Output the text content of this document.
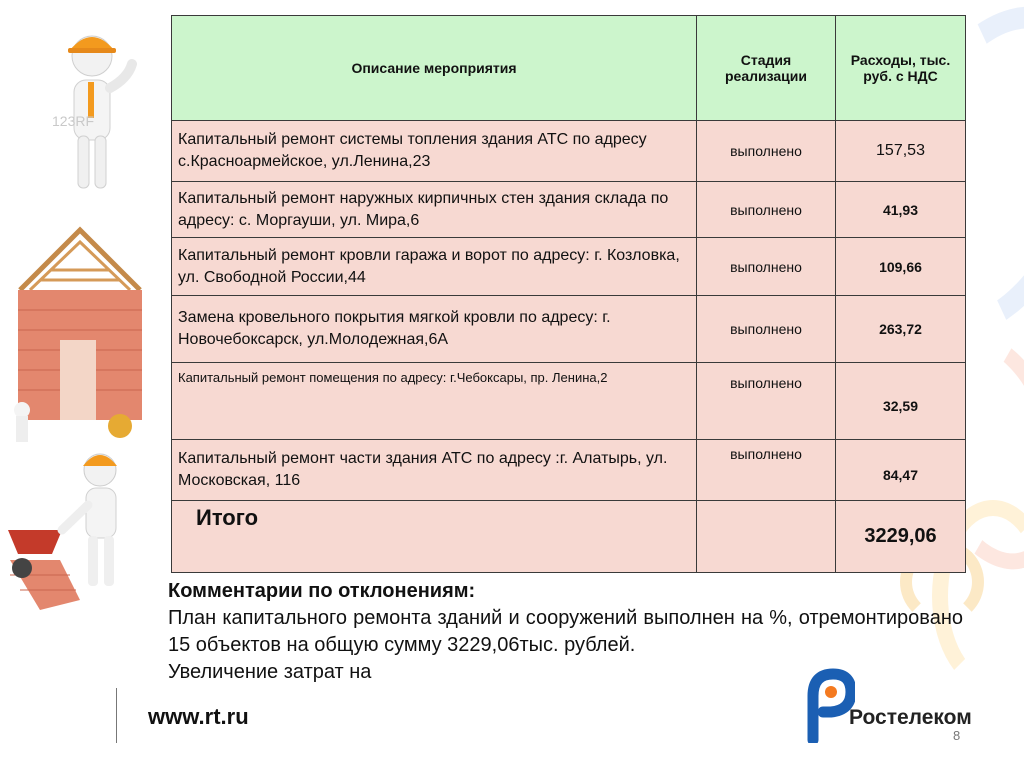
123RF
Описание мероприятия	Стадия реализации	Расходы, тыс. руб. с НДС
Капитальный ремонт системы топления здания АТС по адресу с.Красноармейское, ул.Ленина,23	выполнено	157,53
Капитальный ремонт наружных кирпичных стен здания склада по адресу: с. Моргауши, ул. Мира,6	выполнено	41,93
Капитальный ремонт кровли гаража и ворот по адресу: г. Козловка, ул. Свободной России,44	выполнено	109,66
Замена кровельного покрытия мягкой кровли по адресу: г. Новочебоксарск, ул.Молодежная,6А	выполнено	263,72
Капитальный ремонт помещения по адресу: г.Чебоксары, пр. Ленина,2	выполнено	32,59
Капитальный ремонт части здания АТС по адресу :г. Алатырь, ул. Московская, 116	выполнено	84,47
Итого		3229,06
Комментарии по отклонениям:
План капитального ремонта зданий и сооружений выполнен на %, отремонтировано 15 объектов на общую сумму 3229,06тыс. рублей.
Увеличение затрат на
www.rt.ru	Ростелеком
8
